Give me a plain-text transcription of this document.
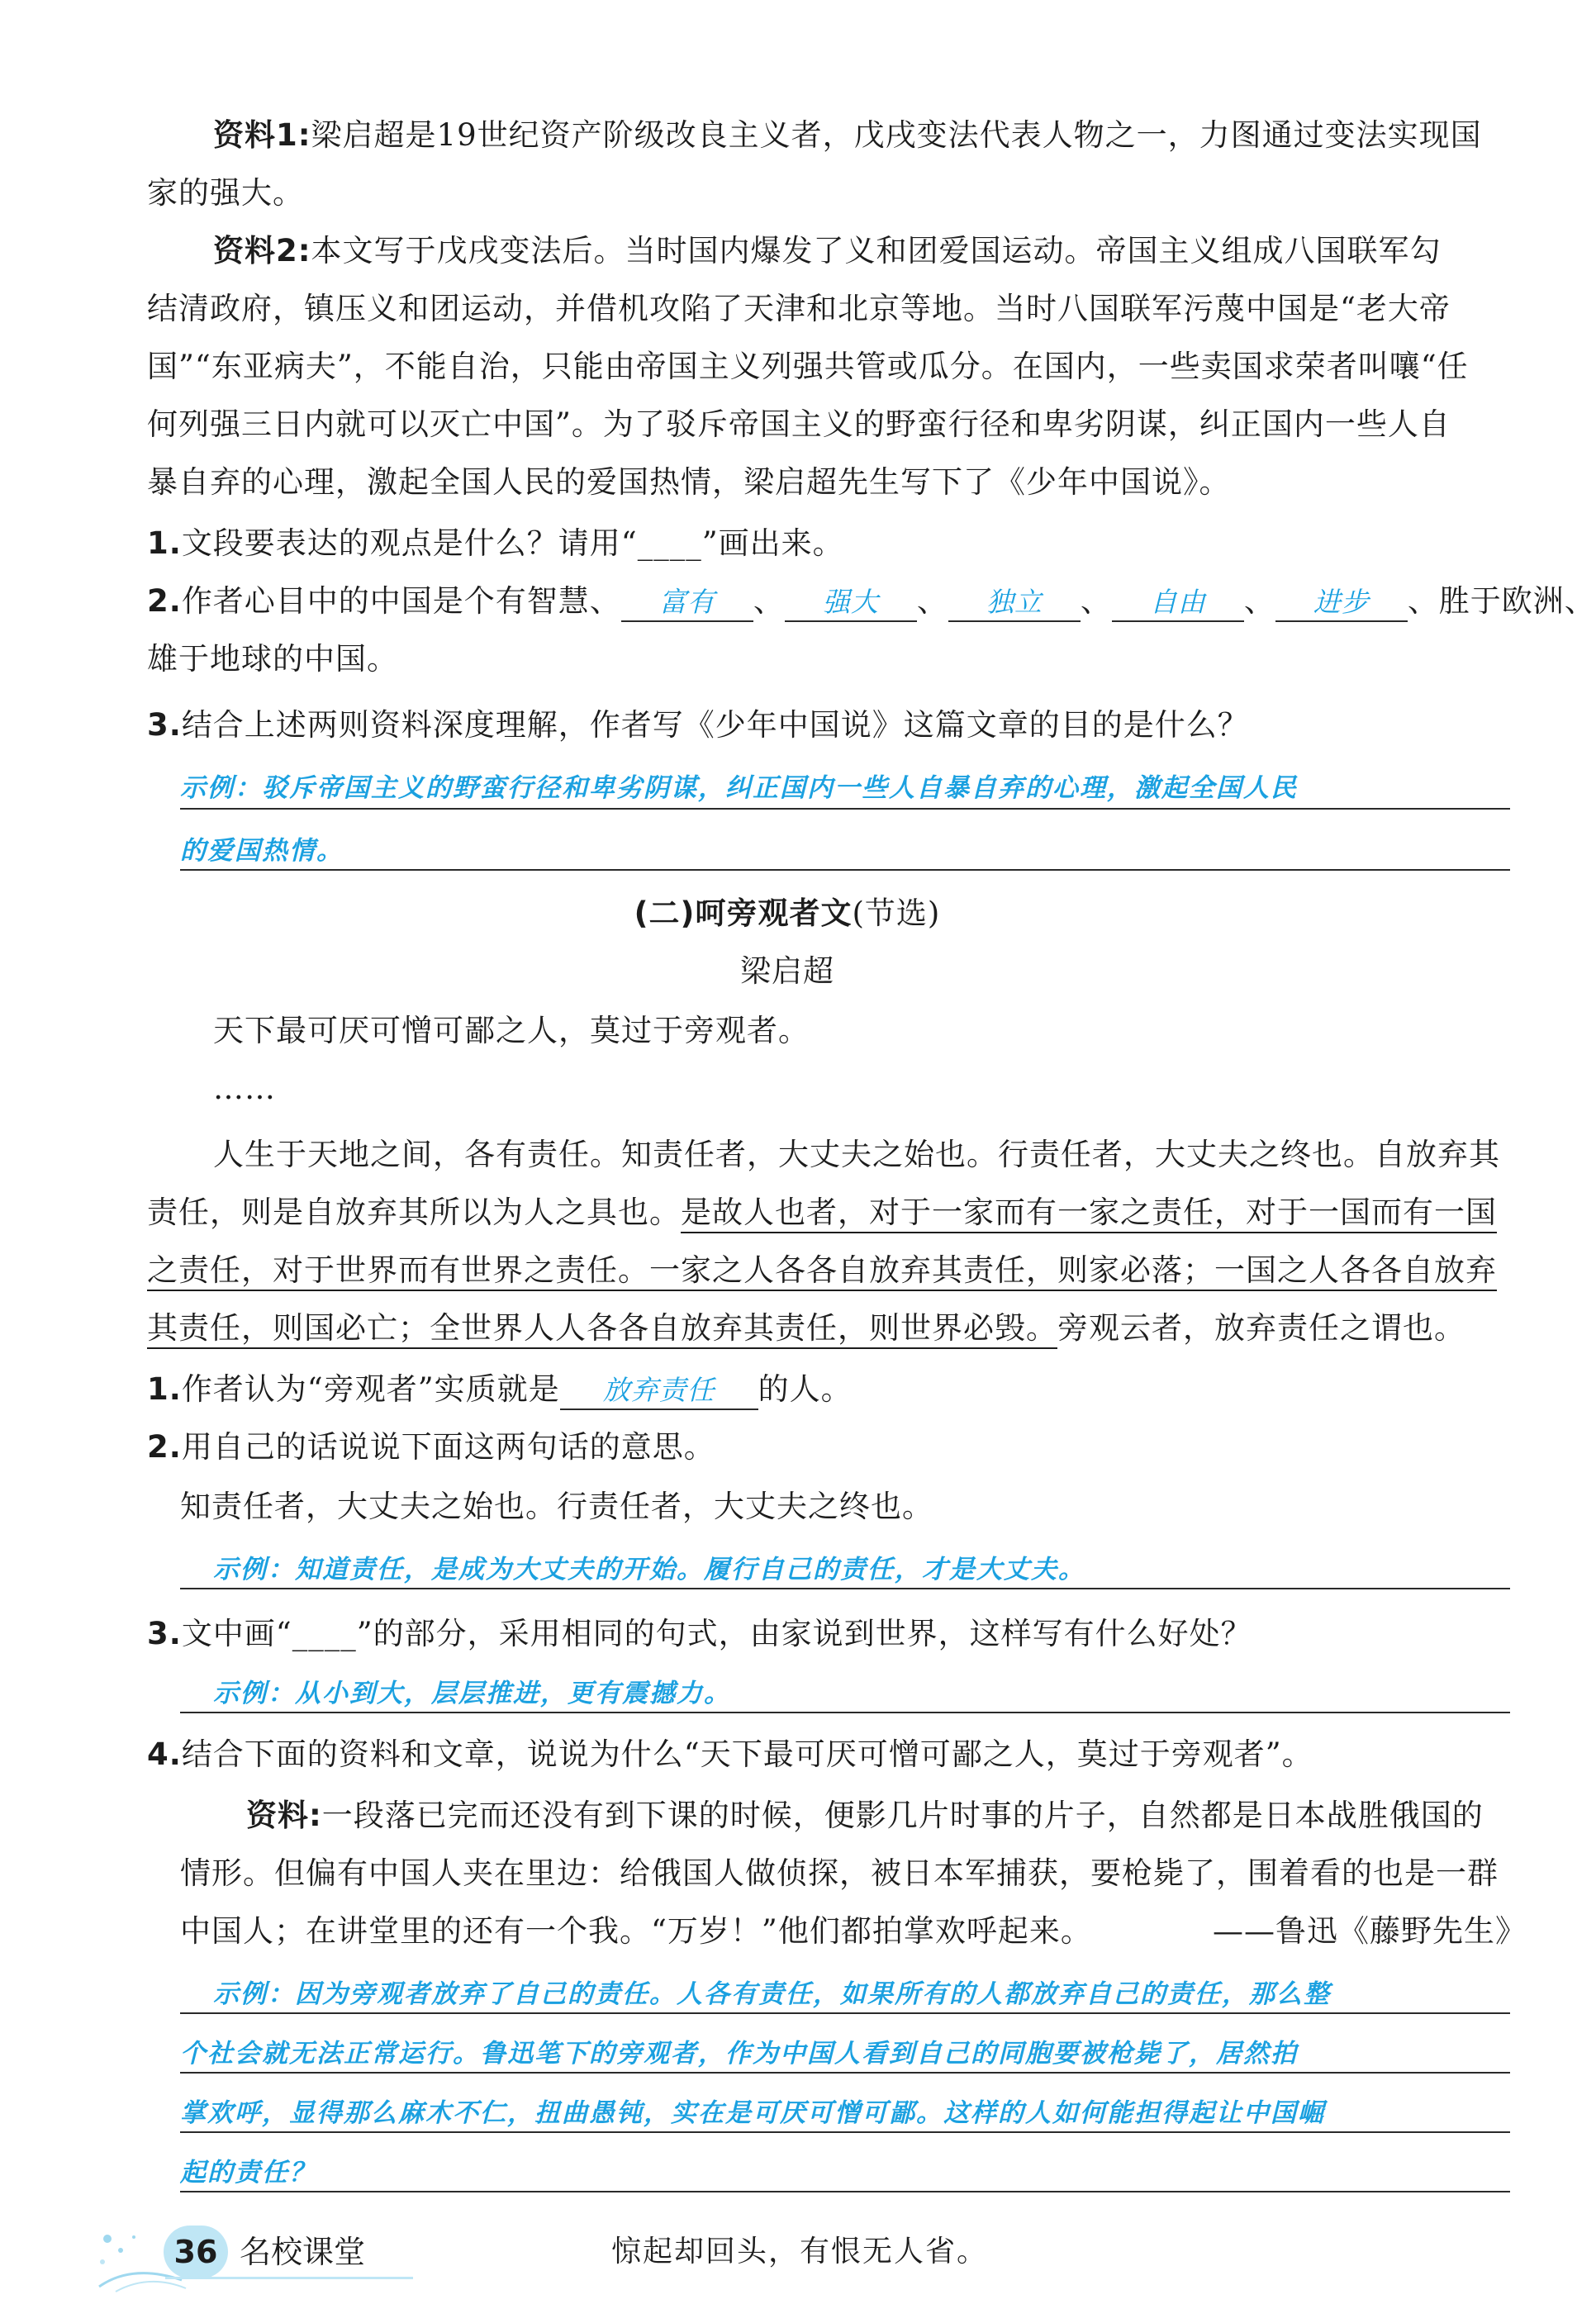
资料1:梁启超是19世纪资产阶级改良主义者，戊戌变法代表人物之一，力图通过变法实现国
家的强大。
资料2:本文写于戊戌变法后。当时国内爆发了义和团爱国运动。帝国主义组成八国联军勾
结清政府，镇压义和团运动，并借机攻陷了天津和北京等地。当时八国联军污蔑中国是“老大帝
国”“东亚病夫”，不能自治，只能由帝国主义列强共管或瓜分。在国内，一些卖国求荣者叫嚷“任
何列强三日内就可以灭亡中国”。为了驳斥帝国主义的野蛮行径和卑劣阴谋，纠正国内一些人自
暴自弃的心理，激起全国人民的爱国热情，梁启超先生写下了《少年中国说》。
1.文段要表达的观点是什么？请用“____”画出来。
2.作者心目中的中国是个有智慧、 富有 、 强大 、 独立 、 自由 、 进步 、胜于欧洲、
雄于地球的中国。
3.结合上述两则资料深度理解，作者写《少年中国说》这篇文章的目的是什么？
示例：驳斥帝国主义的野蛮行径和卑劣阴谋，纠正国内一些人自暴自弃的心理，激起全国人民
的爱国热情。
(二)呵旁观者文(节选)
梁启超
天下最可厌可憎可鄙之人，莫过于旁观者。
……
人生于天地之间，各有责任。知责任者，大丈夫之始也。行责任者，大丈夫之终也。自放弃其
责任，则是自放弃其所以为人之具也。是故人也者，对于一家而有一家之责任，对于一国而有一国
之责任，对于世界而有世界之责任。一家之人各各自放弃其责任，则家必落；一国之人各各自放弃
其责任，则国必亡；全世界人人各各自放弃其责任，则世界必毁。旁观云者，放弃责任之谓也。
1.作者认为“旁观者”实质就是 放弃责任 的人。
2.用自己的话说说下面这两句话的意思。
知责任者，大丈夫之始也。行责任者，大丈夫之终也。
示例：知道责任，是成为大丈夫的开始。履行自己的责任，才是大丈夫。
3.文中画“____”的部分，采用相同的句式，由家说到世界，这样写有什么好处？
示例：从小到大，层层推进，更有震撼力。
4.结合下面的资料和文章，说说为什么“天下最可厌可憎可鄙之人，莫过于旁观者”。
资料:一段落已完而还没有到下课的时候，便影几片时事的片子，自然都是日本战胜俄国的
情形。但偏有中国人夹在里边：给俄国人做侦探，被日本军捕获，要枪毙了，围着看的也是一群
中国人；在讲堂里的还有一个我。“万岁！”他们都拍掌欢呼起来。	——鲁迅《藤野先生》
示例：因为旁观者放弃了自己的责任。人各有责任，如果所有的人都放弃自己的责任，那么整
个社会就无法正常运行。鲁迅笔下的旁观者，作为中国人看到自己的同胞要被枪毙了，居然拍
掌欢呼，显得那么麻木不仁，扭曲愚钝，实在是可厌可憎可鄙。这样的人如何能担得起让中国崛
起的责任？
36 名校课堂	惊起却回头，有恨无人省。
